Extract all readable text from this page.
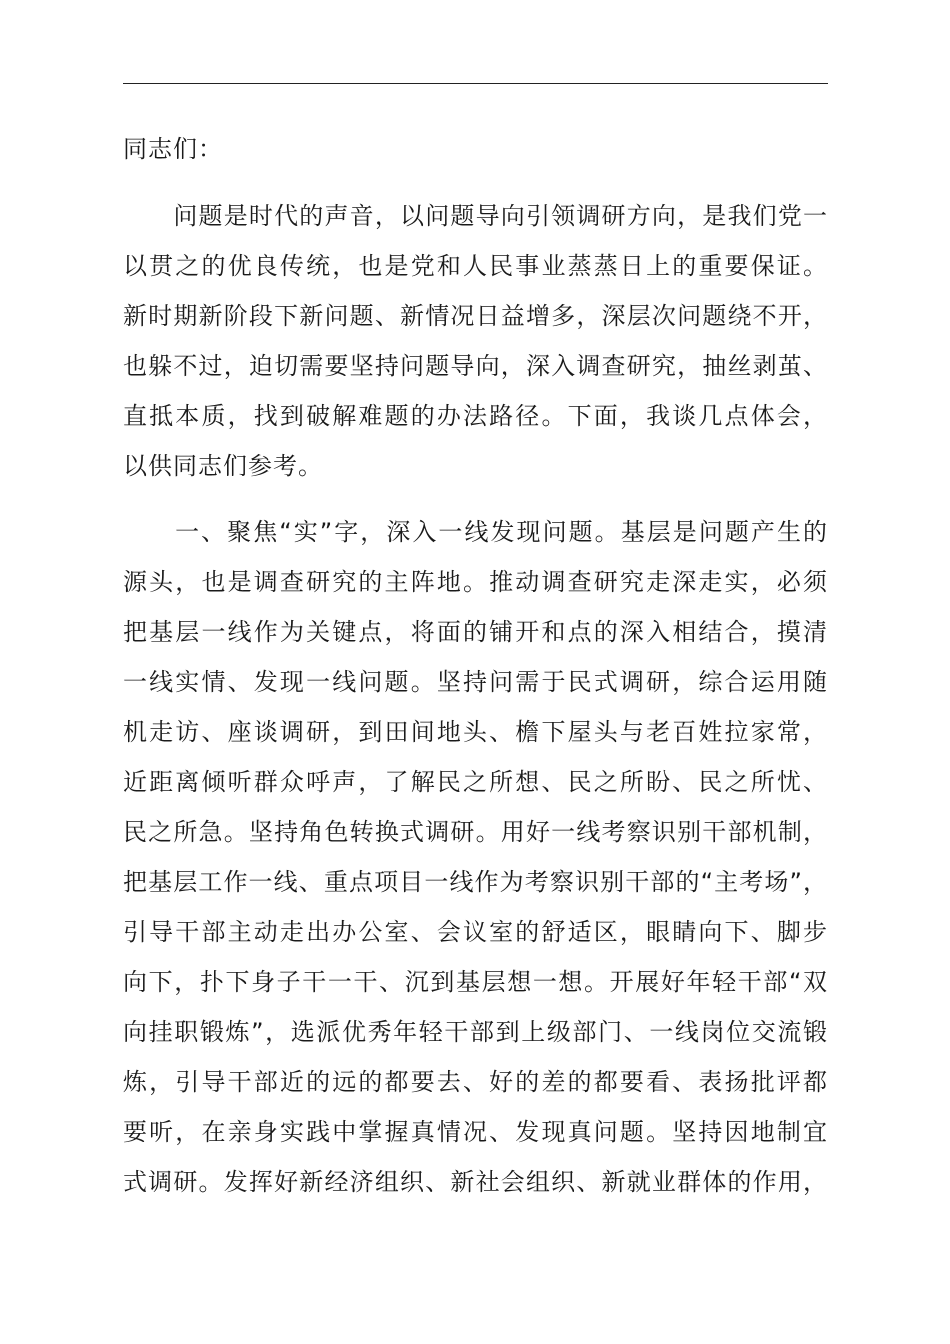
同志们：

　　问题是时代的声音，以问题导向引领调研方向，是我们党一
以贯之的优良传统，也是党和人民事业蒸蒸日上的重要保证。
新时期新阶段下新问题、新情况日益增多，深层次问题绕不开，
也躲不过，迫切需要坚持问题导向，深入调查研究，抽丝剥茧、
直抵本质，找到破解难题的办法路径。下面，我谈几点体会，
以供同志们参考。

　　一、聚焦“实”字，深入一线发现问题。基层是问题产生的
源头，也是调查研究的主阵地。推动调查研究走深走实，必须
把基层一线作为关键点，将面的铺开和点的深入相结合，摸清
一线实情、发现一线问题。坚持问需于民式调研，综合运用随
机走访、座谈调研，到田间地头、檐下屋头与老百姓拉家常，
近距离倾听群众呼声，了解民之所想、民之所盼、民之所忧、
民之所急。坚持角色转换式调研。用好一线考察识别干部机制，
把基层工作一线、重点项目一线作为考察识别干部的“主考场”，
引导干部主动走出办公室、会议室的舒适区，眼睛向下、脚步
向下，扑下身子干一干、沉到基层想一想。开展好年轻干部“双
向挂职锻炼”，选派优秀年轻干部到上级部门、一线岗位交流锻
炼，引导干部近的远的都要去、好的差的都要看、表扬批评都
要听，在亲身实践中掌握真情况、发现真问题。坚持因地制宜
式调研。发挥好新经济组织、新社会组织、新就业群体的作用，
